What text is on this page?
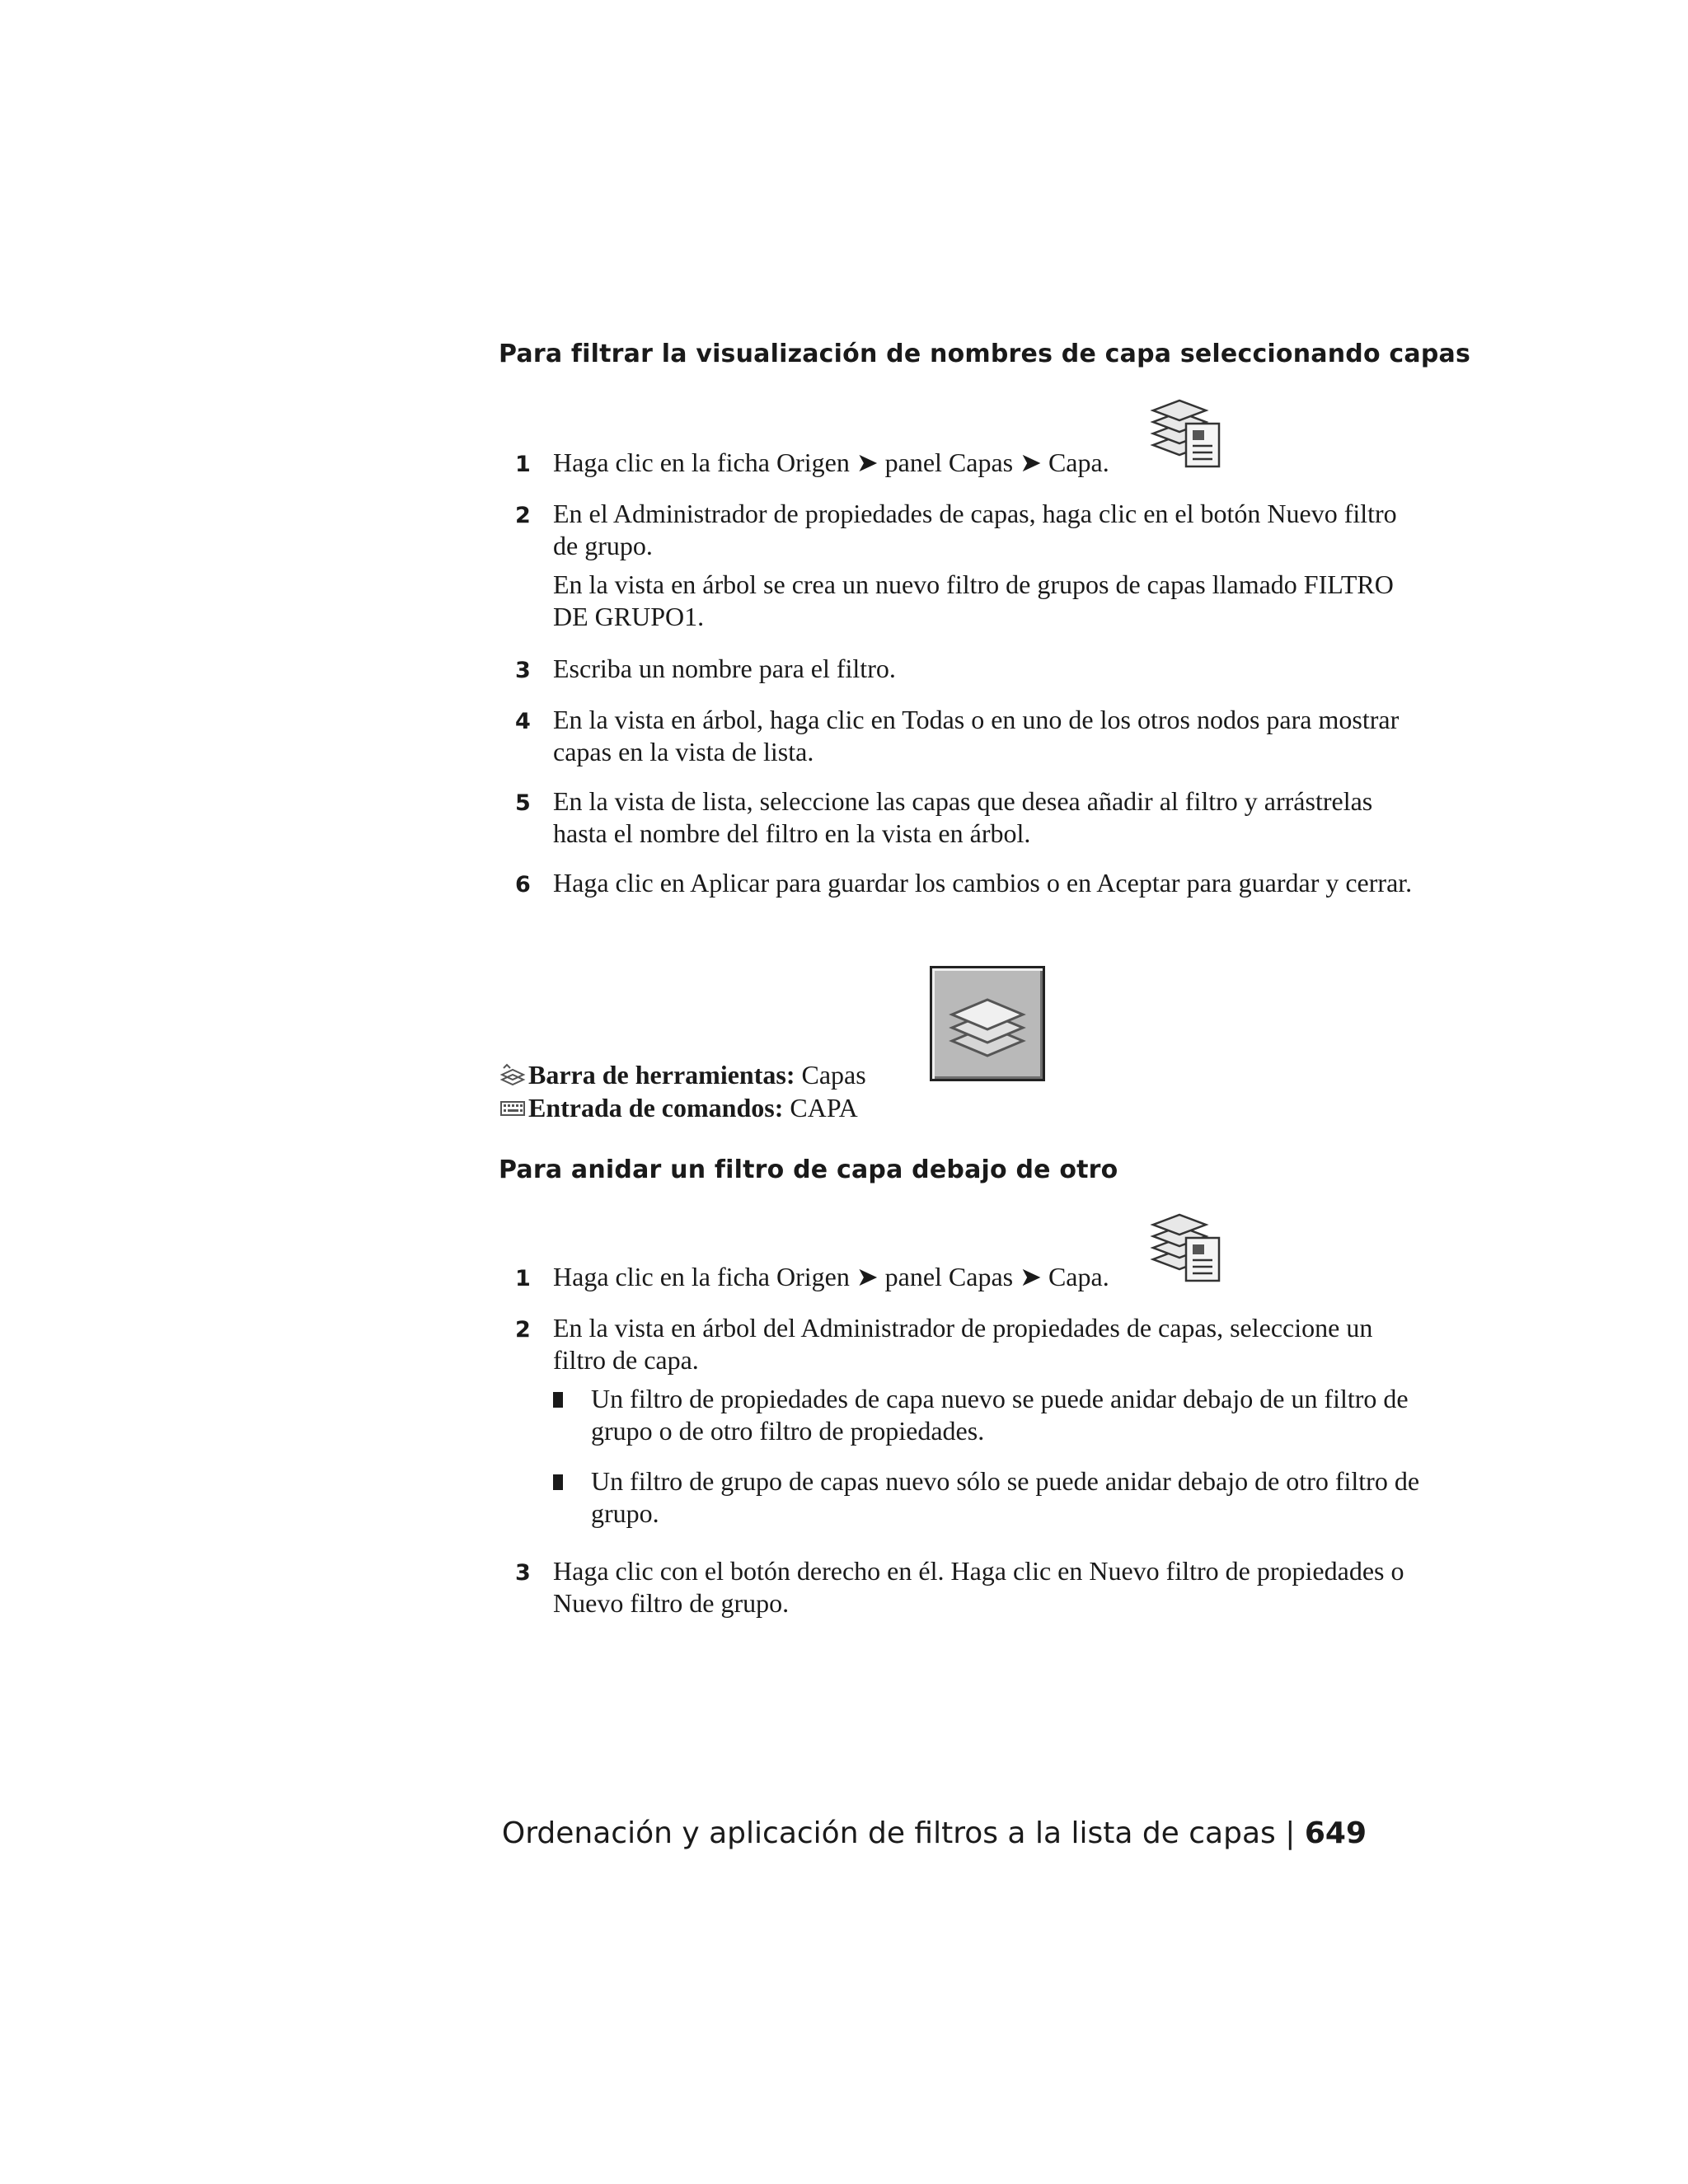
Para filtrar la visualización de nombres de capa seleccionando capas
1 Haga clic en la ficha Origen ➤ panel Capas ➤ Capa.
2 En el Administrador de propiedades de capas, haga clic en el botón Nuevo filtro de grupo.
En la vista en árbol se crea un nuevo filtro de grupos de capas llamado FILTRO DE GRUPO1.
3 Escriba un nombre para el filtro.
4 En la vista en árbol, haga clic en Todas o en uno de los otros nodos para mostrar capas en la vista de lista.
5 En la vista de lista, seleccione las capas que desea añadir al filtro y arrástrelas hasta el nombre del filtro en la vista en árbol.
6 Haga clic en Aplicar para guardar los cambios o en Aceptar para guardar y cerrar.
Barra de herramientas: Capas
Entrada de comandos: CAPA
Para anidar un filtro de capa debajo de otro
1 Haga clic en la ficha Origen ➤ panel Capas ➤ Capa.
2 En la vista en árbol del Administrador de propiedades de capas, seleccione un filtro de capa.
Un filtro de propiedades de capa nuevo se puede anidar debajo de un filtro de grupo o de otro filtro de propiedades.
Un filtro de grupo de capas nuevo sólo se puede anidar debajo de otro filtro de grupo.
3 Haga clic con el botón derecho en él. Haga clic en Nuevo filtro de propiedades o Nuevo filtro de grupo.
Ordenación y aplicación de filtros a la lista de capas | 649
